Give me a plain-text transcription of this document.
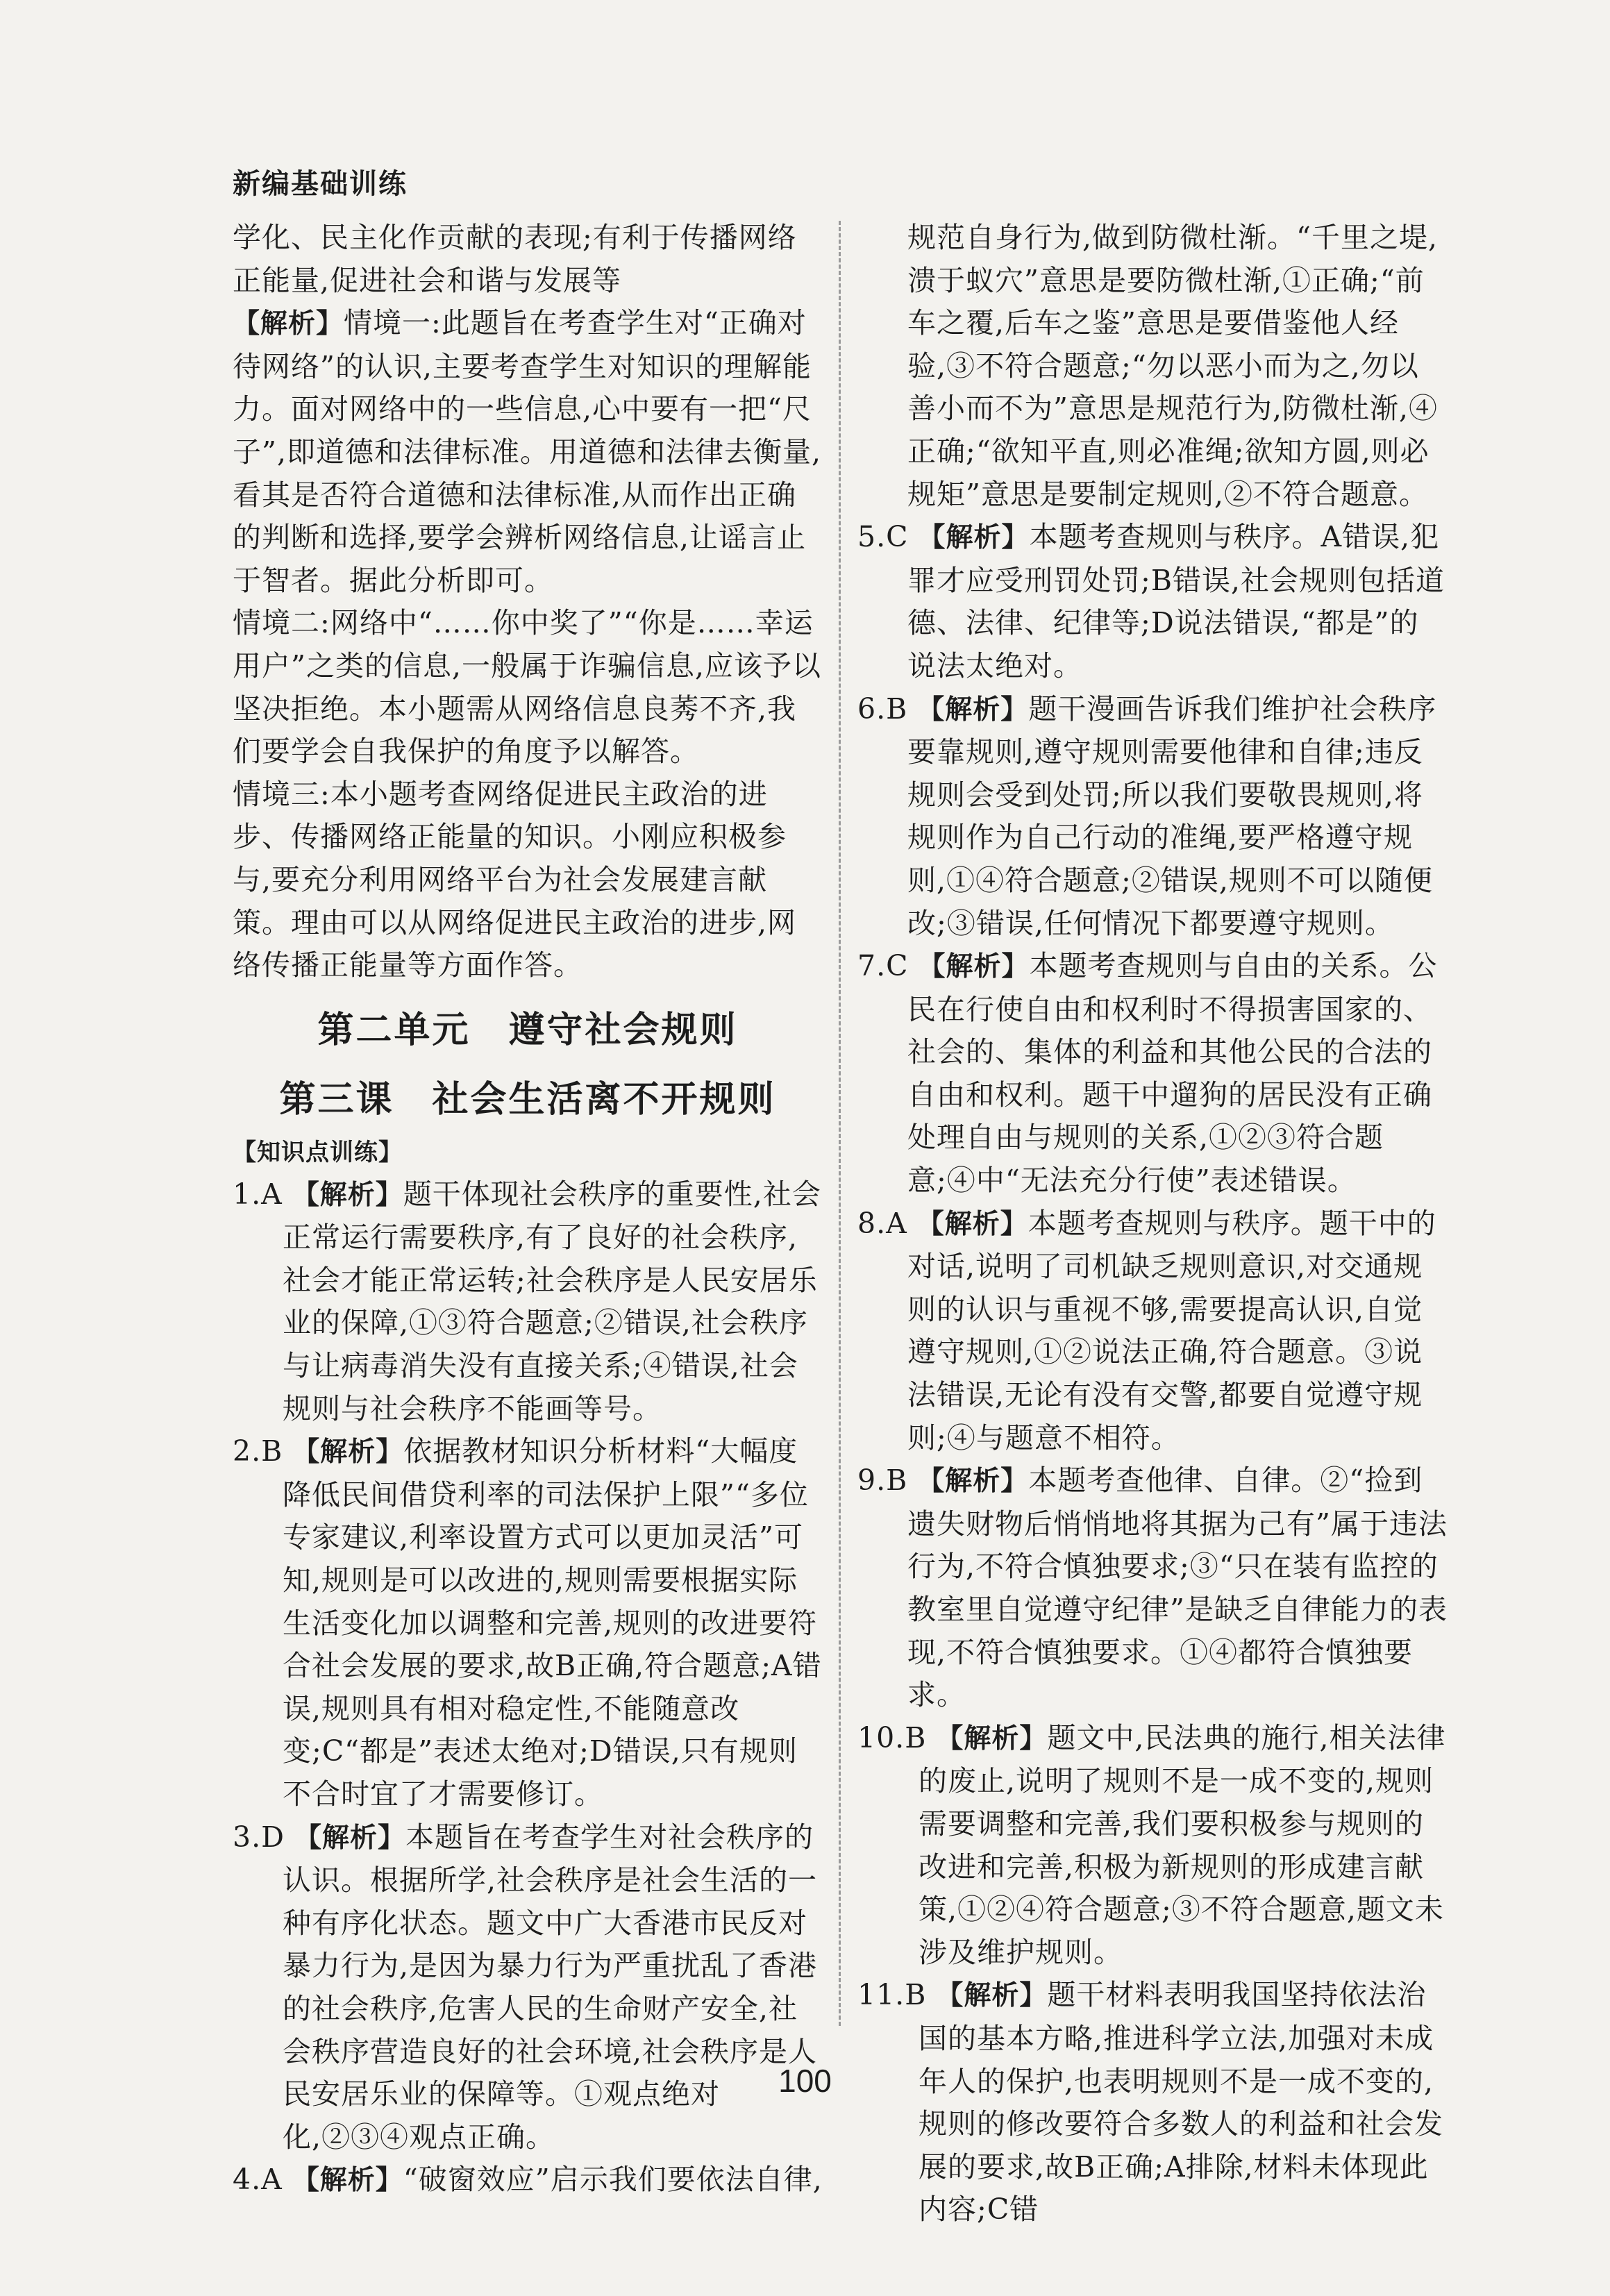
新编基础训练

学化、民主化作贡献的表现;有利于传播网络正能量,促进社会和谐与发展等

【解析】情境一:此题旨在考查学生对“正确对待网络”的认识,主要考查学生对知识的理解能力。面对网络中的一些信息,心中要有一把“尺子”,即道德和法律标准。用道德和法律去衡量,看其是否符合道德和法律标准,从而作出正确的判断和选择,要学会辨析网络信息,让谣言止于智者。据此分析即可。

情境二:网络中“……你中奖了”“你是……幸运用户”之类的信息,一般属于诈骗信息,应该予以坚决拒绝。本小题需从网络信息良莠不齐,我们要学会自我保护的角度予以解答。

情境三:本小题考查网络促进民主政治的进步、传播网络正能量的知识。小刚应积极参与,要充分利用网络平台为社会发展建言献策。理由可以从网络促进民主政治的进步,网络传播正能量等方面作答。

第二单元　遵守社会规则
第三课　社会生活离不开规则
【知识点训练】

1.A 【解析】题干体现社会秩序的重要性,社会正常运行需要秩序,有了良好的社会秩序,社会才能正常运转;社会秩序是人民安居乐业的保障,①③符合题意;②错误,社会秩序与让病毒消失没有直接关系;④错误,社会规则与社会秩序不能画等号。

2.B 【解析】依据教材知识分析材料“大幅度降低民间借贷利率的司法保护上限”“多位专家建议,利率设置方式可以更加灵活”可知,规则是可以改进的,规则需要根据实际生活变化加以调整和完善,规则的改进要符合社会发展的要求,故B正确,符合题意;A错误,规则具有相对稳定性,不能随意改变;C“都是”表述太绝对;D错误,只有规则不合时宜了才需要修订。

3.D 【解析】本题旨在考查学生对社会秩序的认识。根据所学,社会秩序是社会生活的一种有序化状态。题文中广大香港市民反对暴力行为,是因为暴力行为严重扰乱了香港的社会秩序,危害人民的生命财产安全,社会秩序营造良好的社会环境,社会秩序是人民安居乐业的保障等。①观点绝对化,②③④观点正确。

4.A 【解析】“破窗效应”启示我们要依法自律,

规范自身行为,做到防微杜渐。“千里之堤,溃于蚁穴”意思是要防微杜渐,①正确;“前车之覆,后车之鉴”意思是要借鉴他人经验,③不符合题意;“勿以恶小而为之,勿以善小而不为”意思是规范行为,防微杜渐,④正确;“欲知平直,则必准绳;欲知方圆,则必规矩”意思是要制定规则,②不符合题意。

5.C 【解析】本题考查规则与秩序。A错误,犯罪才应受刑罚处罚;B错误,社会规则包括道德、法律、纪律等;D说法错误,“都是”的说法太绝对。

6.B 【解析】题干漫画告诉我们维护社会秩序要靠规则,遵守规则需要他律和自律;违反规则会受到处罚;所以我们要敬畏规则,将规则作为自己行动的准绳,要严格遵守规则,①④符合题意;②错误,规则不可以随便改;③错误,任何情况下都要遵守规则。

7.C 【解析】本题考查规则与自由的关系。公民在行使自由和权利时不得损害国家的、社会的、集体的利益和其他公民的合法的自由和权利。题干中遛狗的居民没有正确处理自由与规则的关系,①②③符合题意;④中“无法充分行使”表述错误。

8.A 【解析】本题考查规则与秩序。题干中的对话,说明了司机缺乏规则意识,对交通规则的认识与重视不够,需要提高认识,自觉遵守规则,①②说法正确,符合题意。③说法错误,无论有没有交警,都要自觉遵守规则;④与题意不相符。

9.B 【解析】本题考查他律、自律。②“捡到遗失财物后悄悄地将其据为己有”属于违法行为,不符合慎独要求;③“只在装有监控的教室里自觉遵守纪律”是缺乏自律能力的表现,不符合慎独要求。①④都符合慎独要求。

10.B 【解析】题文中,民法典的施行,相关法律的废止,说明了规则不是一成不变的,规则需要调整和完善,我们要积极参与规则的改进和完善,积极为新规则的形成建言献策,①②④符合题意;③不符合题意,题文未涉及维护规则。

11.B 【解析】题干材料表明我国坚持依法治国的基本方略,推进科学立法,加强对未成年人的保护,也表明规则不是一成不变的,规则的修改要符合多数人的利益和社会发展的要求,故B正确;A排除,材料未体现此内容;C错

100
